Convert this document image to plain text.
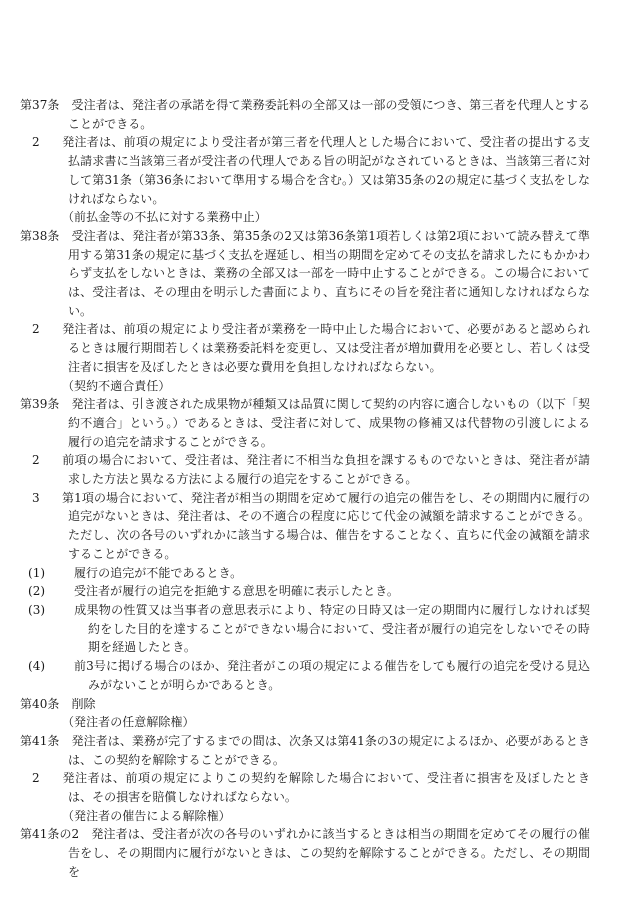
第37条 受注者は、発注者の承諾を得て業務委託料の全部又は一部の受領につき、第三者を代理人とすることができる。

2 発注者は、前項の規定により受注者が第三者を代理人とした場合において、受注者の提出する支払請求書に当該第三者が受注者の代理人である旨の明記がなされているときは、当該第三者に対して第31条（第36条において準用する場合を含む。）又は第35条の2の規定に基づく支払をしなければならない。

（前払金等の不払に対する業務中止）

第38条 受注者は、発注者が第33条、第35条の2又は第36条第1項若しくは第2項において読み替えて準用する第31条の規定に基づく支払を遅延し、相当の期間を定めてその支払を請求したにもかかわらず支払をしないときは、業務の全部又は一部を一時中止することができる。この場合においては、受注者は、その理由を明示した書面により、直ちにその旨を発注者に通知しなければならない。

2 発注者は、前項の規定により受注者が業務を一時中止した場合において、必要があると認められるときは履行期間若しくは業務委託料を変更し、又は受注者が増加費用を必要とし、若しくは受注者に損害を及ぼしたときは必要な費用を負担しなければならない。

（契約不適合責任）

第39条 発注者は、引き渡された成果物が種類又は品質に関して契約の内容に適合しないもの（以下「契約不適合」という。）であるときは、受注者に対して、成果物の修補又は代替物の引渡しによる履行の追完を請求することができる。

2 前項の場合において、受注者は、発注者に不相当な負担を課するものでないときは、発注者が請求した方法と異なる方法による履行の追完をすることができる。

3 第1項の場合において、発注者が相当の期間を定めて履行の追完の催告をし、その期間内に履行の追完がないときは、発注者は、その不適合の程度に応じて代金の減額を請求することができる。ただし、次の各号のいずれかに該当する場合は、催告をすることなく、直ちに代金の減額を請求することができる。

(1) 履行の追完が不能であるとき。

(2) 受注者が履行の追完を拒絶する意思を明確に表示したとき。

(3) 成果物の性質又は当事者の意思表示により、特定の日時又は一定の期間内に履行しなければ契約をした目的を達することができない場合において、受注者が履行の追完をしないでその時期を経過したとき。

(4) 前3号に掲げる場合のほか、発注者がこの項の規定による催告をしても履行の追完を受ける見込みがないことが明らかであるとき。

第40条 削除

（発注者の任意解除権）

第41条 発注者は、業務が完了するまでの間は、次条又は第41条の3の規定によるほか、必要があるときは、この契約を解除することができる。

2 発注者は、前項の規定によりこの契約を解除した場合において、受注者に損害を及ぼしたときは、その損害を賠償しなければならない。

（発注者の催告による解除権）

第41条の2 発注者は、受注者が次の各号のいずれかに該当するときは相当の期間を定めてその履行の催告をし、その期間内に履行がないときは、この契約を解除することができる。ただし、その期間を
